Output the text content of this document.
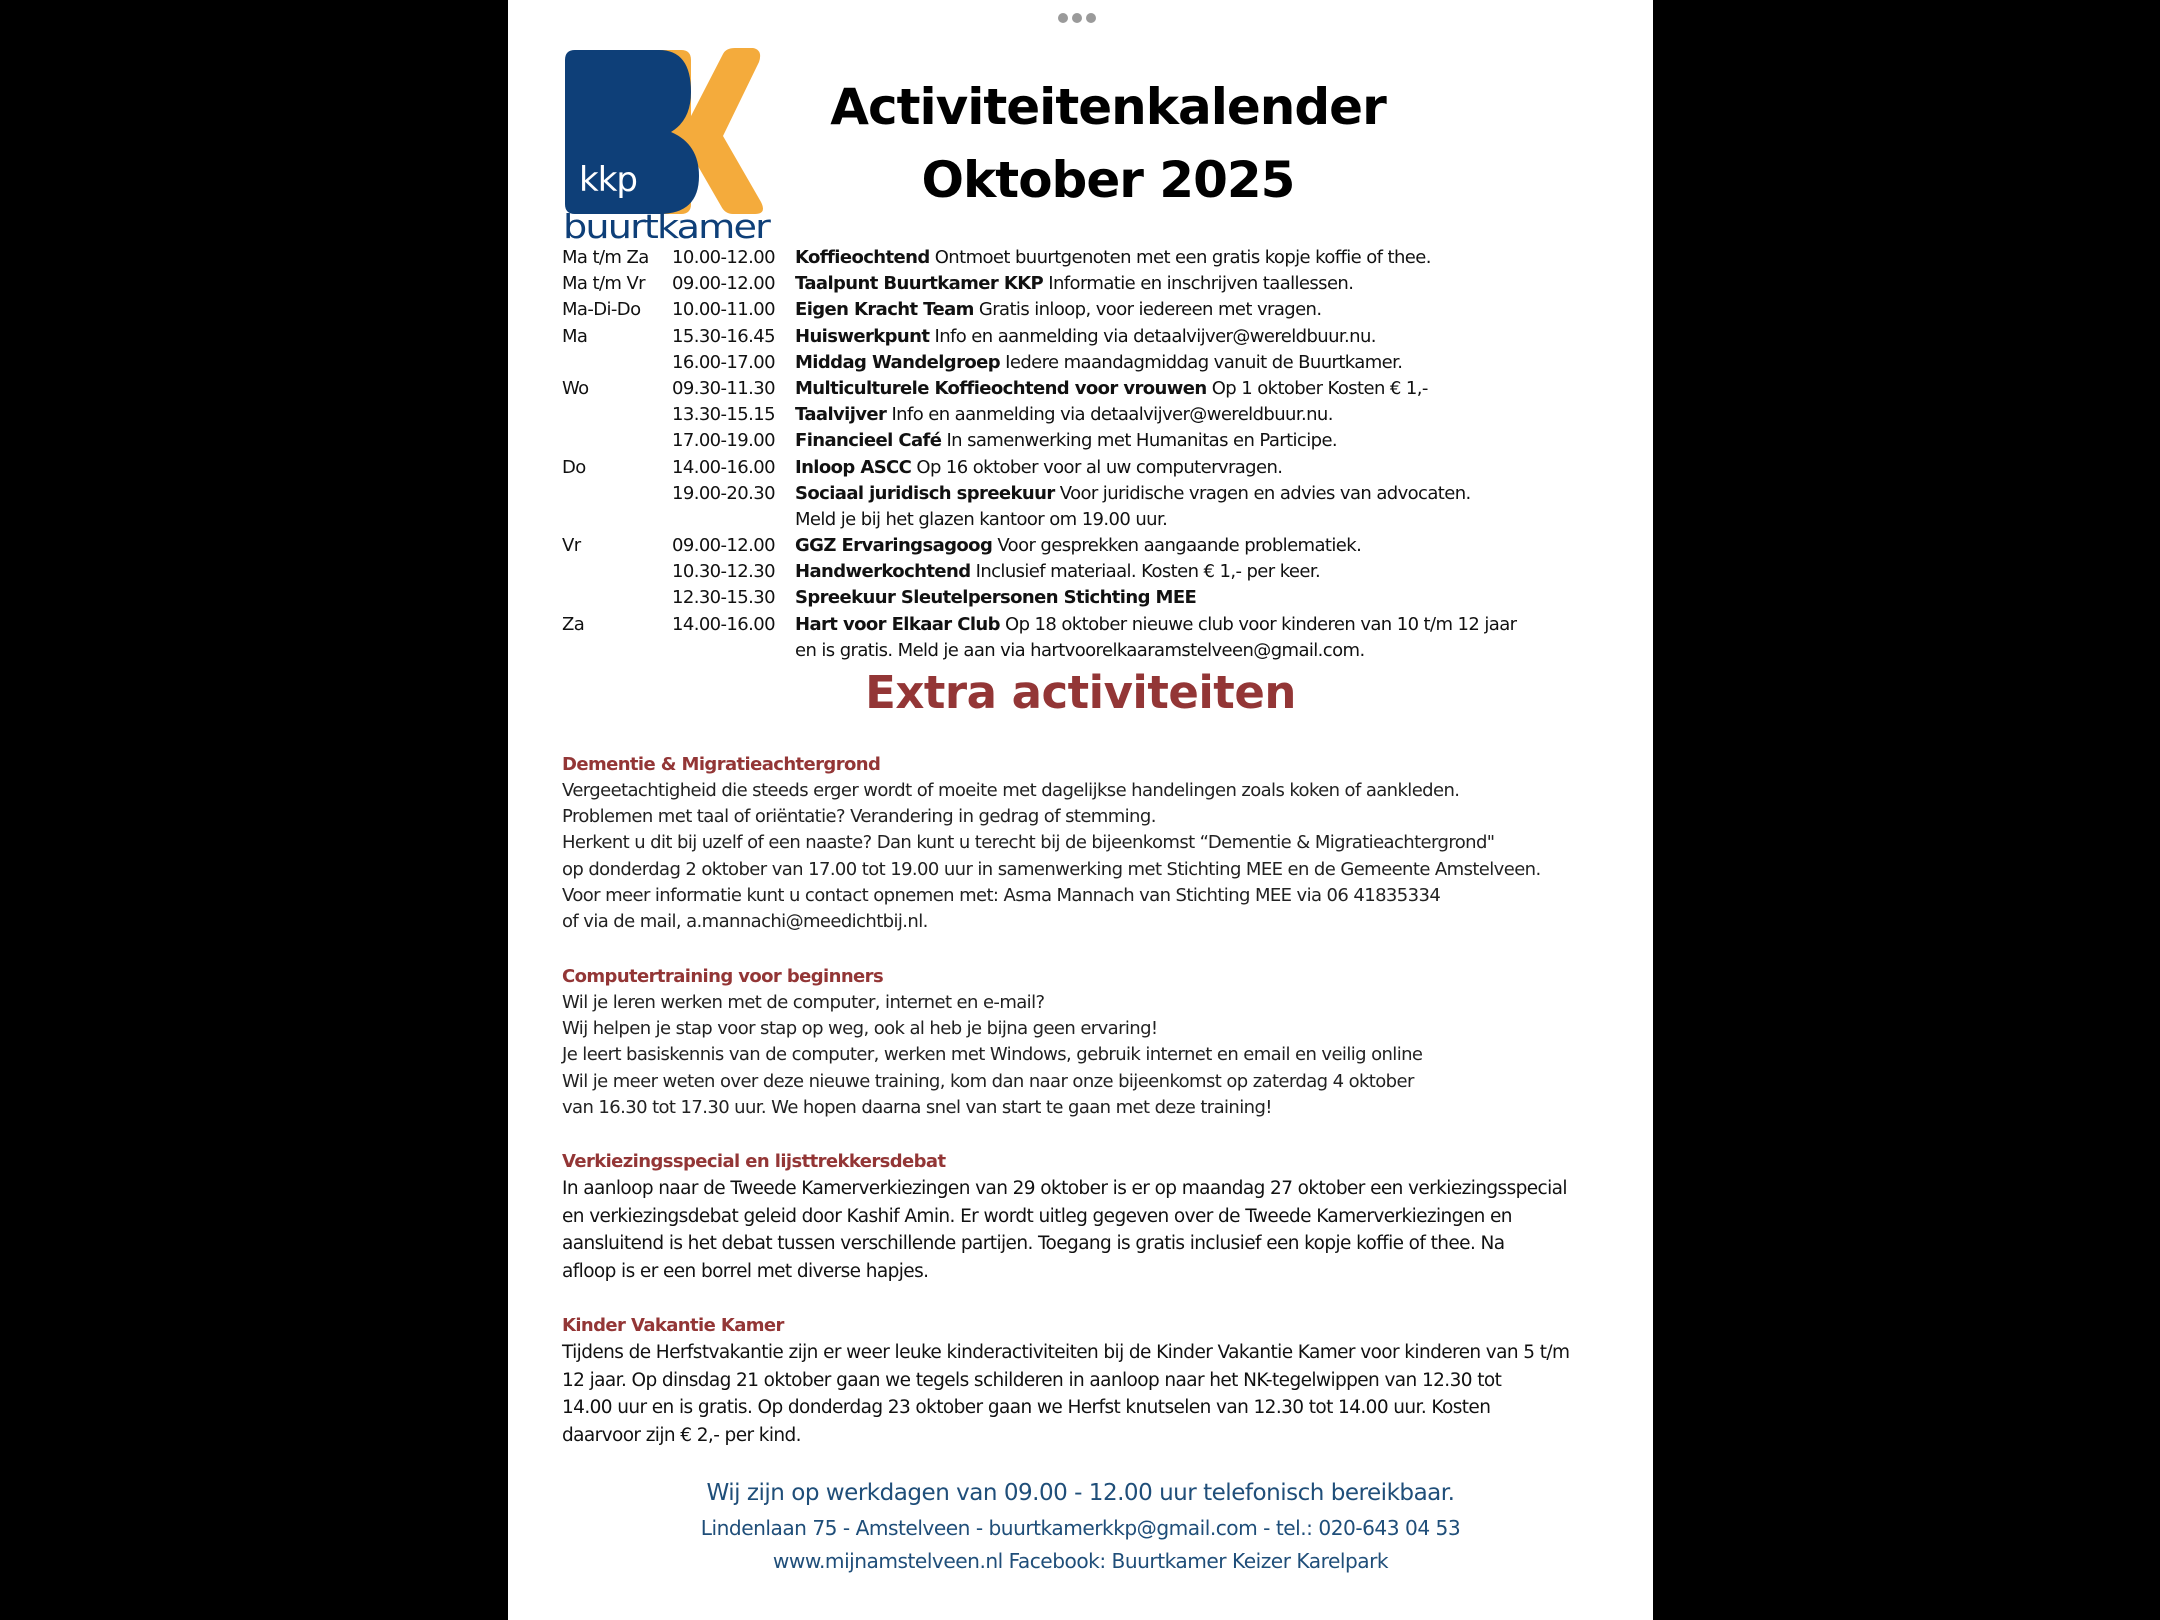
kkp
buurtkamer
Activiteitenkalender
Oktober 2025
Ma t/m Za 10.00-12.00 Koffieochtend Ontmoet buurtgenoten met een gratis kopje koffie of thee.
Ma t/m Vr 09.00-12.00 Taalpunt Buurtkamer KKP Informatie en inschrijven taallessen.
Ma-Di-Do 10.00-11.00 Eigen Kracht Team Gratis inloop, voor iedereen met vragen.
Ma	15.30-16.45 Huiswerkpunt Info en aanmelding via detaalvijver@wereldbuur.nu.
16.00-17.00 Middag Wandelgroep Iedere maandagmiddag vanuit de Buurtkamer.
Wo	09.30-11.30 Multiculturele Koffieochtend voor vrouwen Op 1 oktober Kosten € 1,-
13.30-15.15 Taalvijver Info en aanmelding via detaalvijver@wereldbuur.nu.
17.00-19.00 Financieel Café In samenwerking met Humanitas en Participe.
Do	14.00-16.00 Inloop ASCC Op 16 oktober voor al uw computervragen.
19.00-20.30 Sociaal juridisch spreekuur Voor juridische vragen en advies van advocaten.
Meld je bij het glazen kantoor om 19.00 uur.
Vr	09.00-12.00 GGZ Ervaringsagoog Voor gesprekken aangaande problematiek.
10.30-12.30 Handwerkochtend Inclusief materiaal. Kosten € 1,- per keer.
12.30-15.30 Spreekuur Sleutelpersonen Stichting MEE
Za	14.00-16.00 Hart voor Elkaar Club Op 18 oktober nieuwe club voor kinderen van 10 t/m 12 jaar
en is gratis. Meld je aan via hartvoorelkaaramstelveen@gmail.com.
Extra activiteiten
Dementie & Migratieachtergrond
Vergeetachtigheid die steeds erger wordt of moeite met dagelijkse handelingen zoals koken of aankleden.
Problemen met taal of oriëntatie? Verandering in gedrag of stemming.
Herkent u dit bij uzelf of een naaste? Dan kunt u terecht bij de bijeenkomst “Dementie & Migratieachtergrond"
op donderdag 2 oktober van 17.00 tot 19.00 uur in samenwerking met Stichting MEE en de Gemeente Amstelveen.
Voor meer informatie kunt u contact opnemen met: Asma Mannach van Stichting MEE via 06 41835334
of via de mail, a.mannachi@meedichtbij.nl.
Computertraining voor beginners
Wil je leren werken met de computer, internet en e-mail?
Wij helpen je stap voor stap op weg, ook al heb je bijna geen ervaring!
Je leert basiskennis van de computer, werken met Windows, gebruik internet en email en veilig online
Wil je meer weten over deze nieuwe training, kom dan naar onze bijeenkomst op zaterdag 4 oktober
van 16.30 tot 17.30 uur. We hopen daarna snel van start te gaan met deze training!
Verkiezingsspecial en lijsttrekkersdebat
In aanloop naar de Tweede Kamerverkiezingen van 29 oktober is er op maandag 27 oktober een verkiezingsspecial
en verkiezingsdebat geleid door Kashif Amin. Er wordt uitleg gegeven over de Tweede Kamerverkiezingen en
aansluitend is het debat tussen verschillende partijen. Toegang is gratis inclusief een kopje koffie of thee. Na
afloop is er een borrel met diverse hapjes.
Kinder Vakantie Kamer
Tijdens de Herfstvakantie zijn er weer leuke kinderactiviteiten bij de Kinder Vakantie Kamer voor kinderen van 5 t/m
12 jaar. Op dinsdag 21 oktober gaan we tegels schilderen in aanloop naar het NK-tegelwippen van 12.30 tot
14.00 uur en is gratis. Op donderdag 23 oktober gaan we Herfst knutselen van 12.30 tot 14.00 uur. Kosten
daarvoor zijn € 2,- per kind.
Wij zijn op werkdagen van 09.00 - 12.00 uur telefonisch bereikbaar.
Lindenlaan 75 - Amstelveen - buurtkamerkkp@gmail.com - tel.: 020-643 04 53
www.mijnamstelveen.nl Facebook: Buurtkamer Keizer Karelpark
